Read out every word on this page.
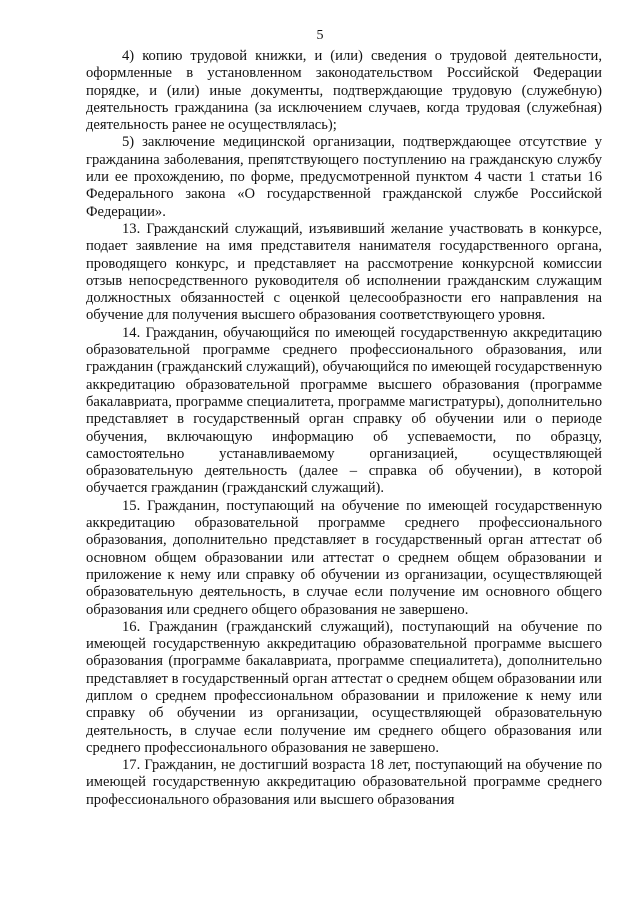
5

4) копию трудовой книжки, и (или) сведения о трудовой деятельности, оформленные в установленном законодательством Российской Федерации порядке, и (или) иные документы, подтверждающие трудовую (служебную) деятельность гражданина (за исключением случаев, когда трудовая (служебная) деятельность ранее не осуществлялась);

5) заключение медицинской организации, подтверждающее отсутствие у гражданина заболевания, препятствующего поступлению на гражданскую службу или ее прохождению, по форме, предусмотренной пунктом 4 части 1 статьи 16 Федерального закона «О государственной гражданской службе Российской Федерации».

13. Гражданский служащий, изъявивший желание участвовать в конкурсе, подает заявление на имя представителя нанимателя государственного органа, проводящего конкурс, и представляет на рассмотрение конкурсной комиссии отзыв непосредственного руководителя об исполнении гражданским служащим должностных обязанностей с оценкой целесообразности его направления на обучение для получения высшего образования соответствующего уровня.

14. Гражданин, обучающийся по имеющей государственную аккредитацию образовательной программе среднего профессионального образования, или гражданин (гражданский служащий), обучающийся по имеющей государственную аккредитацию образовательной программе высшего образования (программе бакалавриата, программе специалитета, программе магистратуры), дополнительно представляет в государственный орган справку об обучении или о периоде обучения, включающую информацию об успеваемости, по образцу, самостоятельно устанавливаемому организацией, осуществляющей образовательную деятельность (далее – справка об обучении), в которой обучается гражданин (гражданский служащий).

15. Гражданин, поступающий на обучение по имеющей государственную аккредитацию образовательной программе среднего профессионального образования, дополнительно представляет в государственный орган аттестат об основном общем образовании или аттестат о среднем общем образовании и приложение к нему или справку об обучении из организации, осуществляющей образовательную деятельность, в случае если получение им основного общего образования или среднего общего образования не завершено.

16. Гражданин (гражданский служащий), поступающий на обучение по имеющей государственную аккредитацию образовательной программе высшего образования (программе бакалавриата, программе специалитета), дополнительно представляет в государственный орган аттестат о среднем общем образовании или диплом о среднем профессиональном образовании и приложение к нему или справку об обучении из организации, осуществляющей образовательную деятельность, в случае если получение им среднего общего образования или среднего профессионального образования не завершено.

17. Гражданин, не достигший возраста 18 лет, поступающий на обучение по имеющей государственную аккредитацию образовательной программе среднего профессионального образования или высшего образования
